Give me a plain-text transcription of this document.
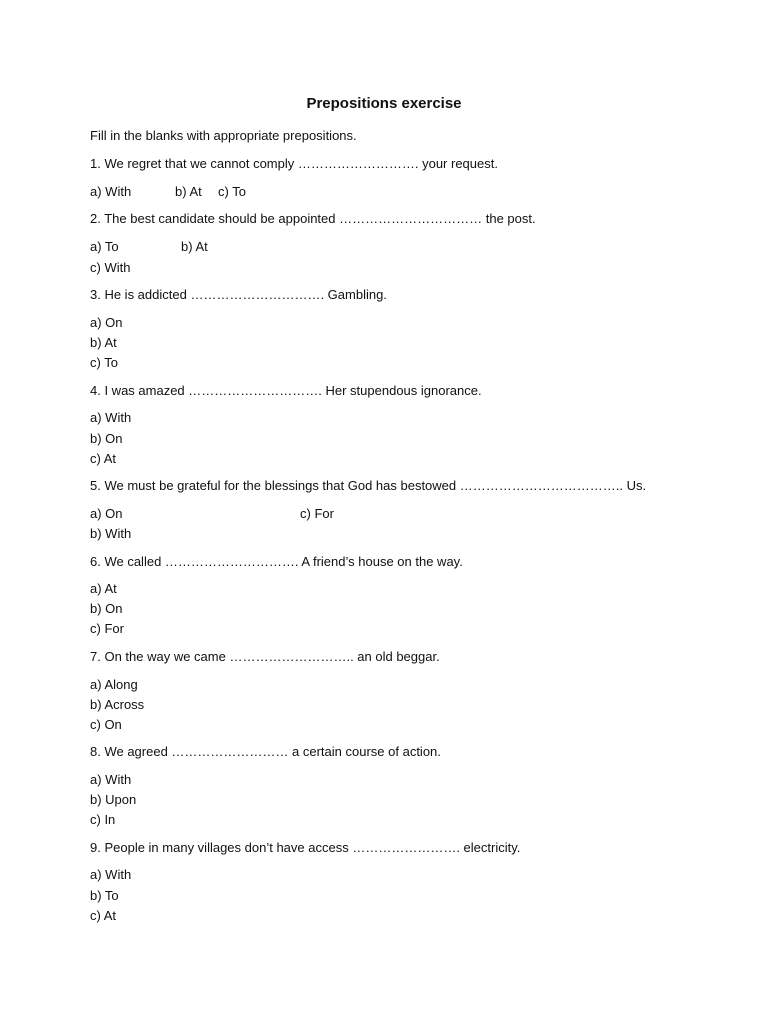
Prepositions exercise
Fill in the blanks with appropriate prepositions.
1. We regret that we cannot comply ………………………. your request.
a) With	b) At c) To
2. The best candidate should be appointed …………………………… the post.
a) To	b) At
c) With
3. He is addicted …………………………. Gambling.
a) On
b) At
c) To
4. I was amazed …………………………. Her stupendous ignorance.
a) With
b) On
c) At
5. We must be grateful for the blessings that God has bestowed ……………………………….. Us.
a) On	c) For
b) With
6. We called …………………………. A friend’s house on the way.
a) At
b) On
c) For
7. On the way we came ……………………….. an old beggar.
a) Along
b) Across
c) On
8. We agreed ……………………… a certain course of action.
a) With
b) Upon
c) In
9. People in many villages don’t have access ……………………. electricity.
a) With
b) To
c) At
